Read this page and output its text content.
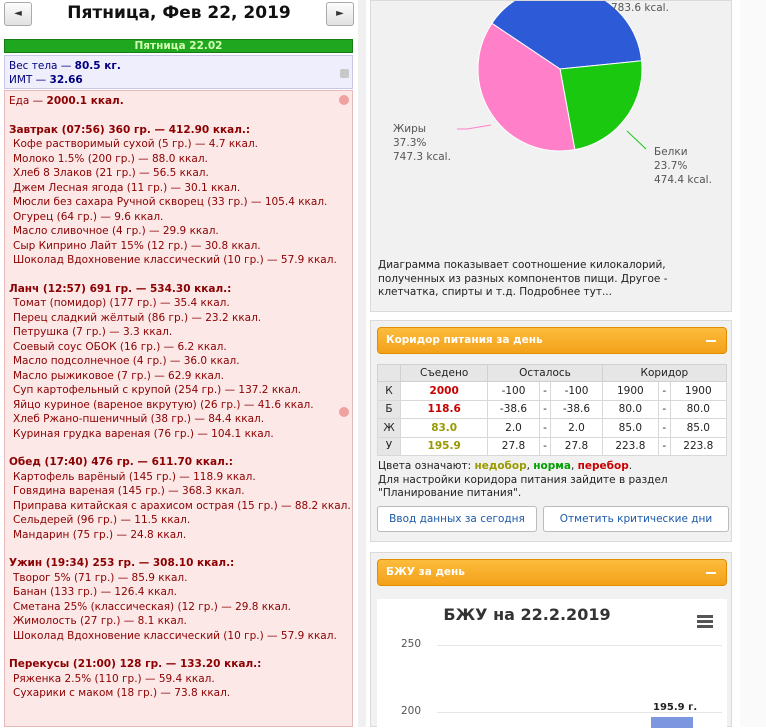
◄	Пятница, Фев 22, 2019	►
Пятница 22.02
Вес тела — 80.5 кг.
ИМТ — 32.66
Еда — 2000.1 ккал.
Завтрак (07:56) 360 гр. — 412.90 ккал.:
Кофе растворимый сухой (5 гр.) — 4.7 ккал.
Молоко 1.5% (200 гр.) — 88.0 ккал.
Хлеб 8 Злаков (21 гр.) — 56.5 ккал.
Джем Лесная ягода (11 гр.) — 30.1 ккал.
Мюсли без сахара Ручной скворец (33 гр.) — 105.4 ккал.
Огурец (64 гр.) — 9.6 ккал.
Масло сливочное (4 гр.) — 29.9 ккал.
Сыр Киприно Лайт 15% (12 гр.) — 30.8 ккал.
Шоколад Вдохновение классический (10 гр.) — 57.9 ккал.
Ланч (12:57) 691 гр. — 534.30 ккал.:
Томат (помидор) (177 гр.) — 35.4 ккал.
Перец сладкий жёлтый (86 гр.) — 23.2 ккал.
Петрушка (7 гр.) — 3.3 ккал.
Соевый соус ОБОК (16 гр.) — 6.2 ккал.
Масло подсолнечное (4 гр.) — 36.0 ккал.
Масло рыжиковое (7 гр.) — 62.9 ккал.
Суп картофельный с крупой (254 гр.) — 137.2 ккал.
Яйцо куриное (вареное вкрутую) (26 гр.) — 41.6 ккал.
Хлеб Ржано-пшеничный (38 гр.) — 84.4 ккал.
Куриная грудка вареная (76 гр.) — 104.1 ккал.
Обед (17:40) 476 гр. — 611.70 ккал.:
Картофель варёный (145 гр.) — 118.9 ккал.
Говядина вареная (145 гр.) — 368.3 ккал.
Приправа китайская с арахисом острая (15 гр.) — 88.2 ккал.
Сельдерей (96 гр.) — 11.5 ккал.
Мандарин (75 гр.) — 24.8 ккал.
Ужин (19:34) 253 гр. — 308.10 ккал.:
Творог 5% (71 гр.) — 85.9 ккал.
Банан (133 гр.) — 126.4 ккал.
Сметана 25% (классическая) (12 гр.) — 29.8 ккал.
Жимолость (27 гр.) — 8.1 ккал.
Шоколад Вдохновение классический (10 гр.) — 57.9 ккал.
Перекусы (21:00) 128 гр. — 133.20 ккал.:
Ряженка 2.5% (110 гр.) — 59.4 ккал.
Сухарики с маком (18 гр.) — 73.8 ккал.
783.6 kcal.
Жиры
37.3%
747.3 kcal.	Белки
23.7%
474.4 kcal.
Диаграмма показывает соотношение килокалорий, полученных из разных компонентов пищи. Другое - клетчатка, спирты и т.д. Подробнее тут...
Коридор питания за день
	Съедено	Осталось			Коридор		
К	2000	-100	-	-100	1900	-	1900
Б	118.6	-38.6	-	-38.6	80.0	-	80.0
Ж	83.0	2.0	-	2.0	85.0	-	85.0
У	195.9	27.8	-	27.8	223.8	-	223.8
Цвета означают: недобор, норма, перебор.
Для настройки коридора питания зайдите в раздел "Планирование питания".
Ввод данных за сегодня	Отметить критические дни
БЖУ за день
БЖУ на 22.2.2019
250
200	195.9 г.
